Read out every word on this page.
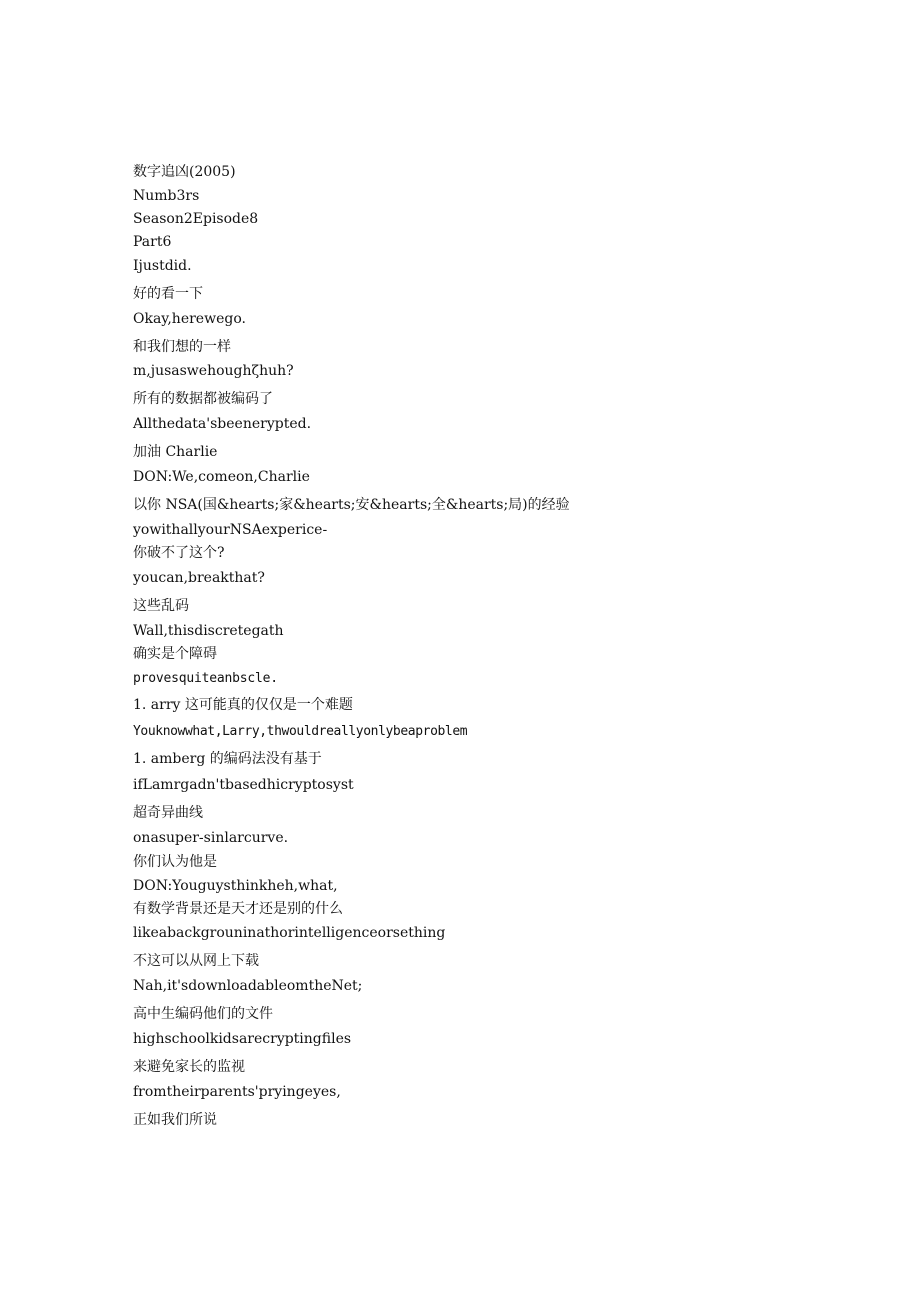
数字追凶(2005)
Numb3rs
Season2Episode8
Part6
Ijustdid.
好的看一下
Okay,herewego.
和我们想的一样
m,jusaswehoughζhuh?
所有的数据都被编码了
Allthedata'sbeenerypted.
加油 Charlie
DON:We,comeon,Charlie
以你 NSA(国&hearts;家&hearts;安&hearts;全&hearts;局)的经验
yowithallyourNSAexperice-
你破不了这个?
youcan‚breakthat?
这些乱码
Wall,thisdiscretegath
确实是个障碍
provesquiteanbscle.
1. arry 这可能真的仅仅是一个难题
Youknowwhat,Larry,thwouldreallyonlybeaproblem
1. amberg 的编码法没有基于
ifLamrgadn'tbasedhicryptosyst
超奇异曲线
onasuper-sinlarcurve.
你们认为他是
DON:Youguysthinkheh,what,
有数学背景还是天才还是别的什么
likeabackgrouninathorintelligenceorsething
不这可以从网上下载
Nah,it'sdownloadableomtheNet;
高中生编码他们的文件
highschoolkidsarecryptingfiles
来避免家长的监视
fromtheirparents'pryingeyes,
正如我们所说
